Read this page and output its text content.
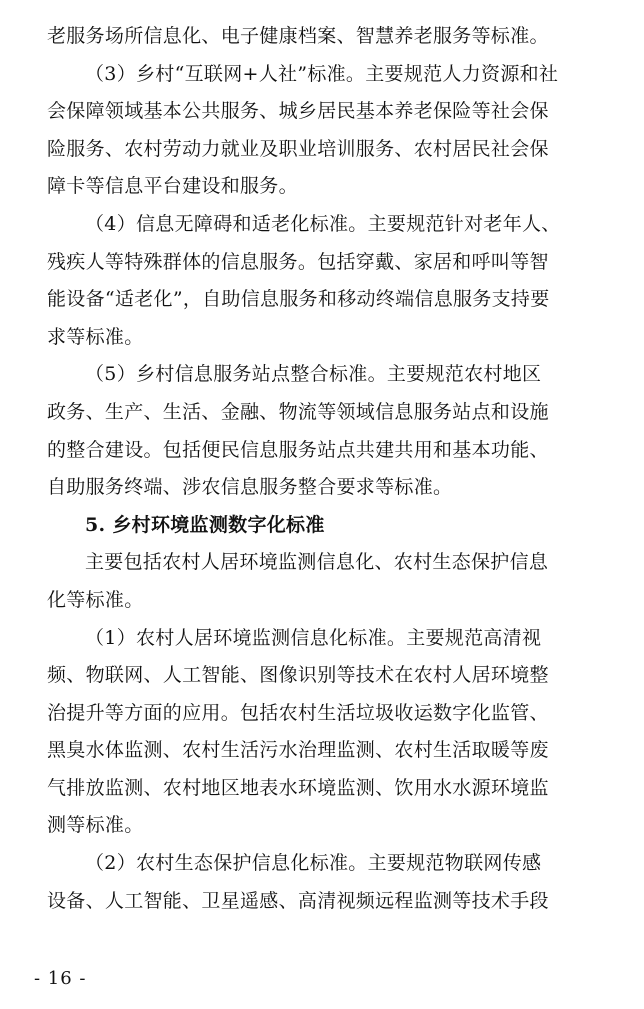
老服务场所信息化、电子健康档案、智慧养老服务等标准。
（3）乡村“互联网+人社”标准。主要规范人力资源和社
会保障领域基本公共服务、城乡居民基本养老保险等社会保
险服务、农村劳动力就业及职业培训服务、农村居民社会保
障卡等信息平台建设和服务。
（4）信息无障碍和适老化标准。主要规范针对老年人、
残疾人等特殊群体的信息服务。包括穿戴、家居和呼叫等智
能设备“适老化”，自助信息服务和移动终端信息服务支持要
求等标准。
（5）乡村信息服务站点整合标准。主要规范农村地区
政务、生产、生活、金融、物流等领域信息服务站点和设施
的整合建设。包括便民信息服务站点共建共用和基本功能、
自助服务终端、涉农信息服务整合要求等标准。
5. 乡村环境监测数字化标准
主要包括农村人居环境监测信息化、农村生态保护信息
化等标准。
（1）农村人居环境监测信息化标准。主要规范高清视
频、物联网、人工智能、图像识别等技术在农村人居环境整
治提升等方面的应用。包括农村生活垃圾收运数字化监管、
黑臭水体监测、农村生活污水治理监测、农村生活取暖等废
气排放监测、农村地区地表水环境监测、饮用水水源环境监
测等标准。
（2）农村生态保护信息化标准。主要规范物联网传感
设备、人工智能、卫星遥感、高清视频远程监测等技术手段
- 16 -
